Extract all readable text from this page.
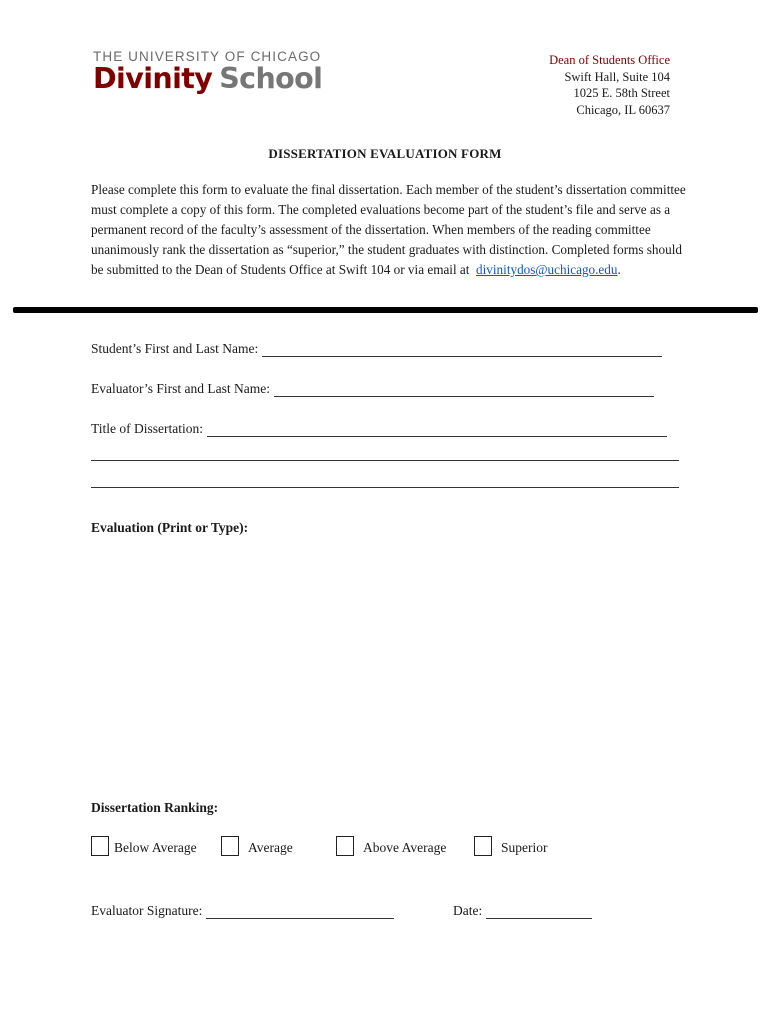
THE UNIVERSITY OF CHICAGO
Divinity School
Dean of Students Office
Swift Hall, Suite 104
1025 E. 58th Street
Chicago, IL 60637
DISSERTATION EVALUATION FORM
Please complete this form to evaluate the final dissertation. Each member of the student’s dissertation committee must complete a copy of this form. The completed evaluations become part of the student’s file and serve as a permanent record of the faculty’s assessment of the dissertation. When members of the reading committee unanimously rank the dissertation as “superior,” the student graduates with distinction. Completed forms should be submitted to the Dean of Students Office at Swift 104 or via email at divinitydos@uchicago.edu.
Student’s First and Last Name:
Evaluator’s First and Last Name:
Title of Dissertation:
Evaluation (Print or Type):
Dissertation Ranking:
Below Average	Average	Above Average	Superior
Evaluator Signature:	Date:
